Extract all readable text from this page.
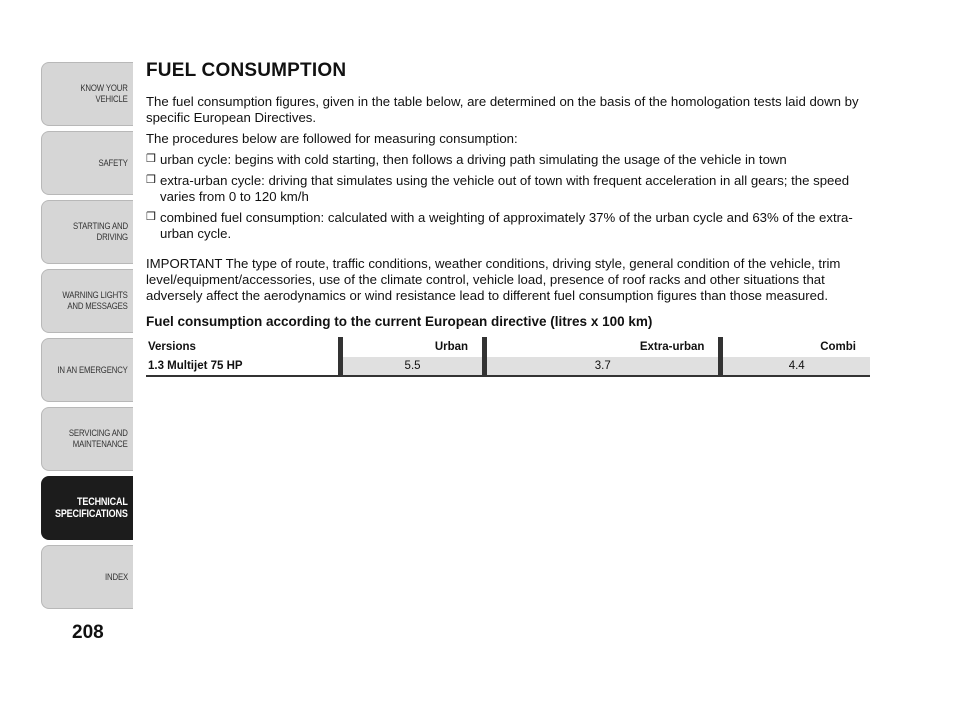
KNOW YOUR
VEHICLE
SAFETY
STARTING AND
DRIVING
WARNING LIGHTS
AND MESSAGES
IN AN EMERGENCY
SERVICING AND
MAINTENANCE
TECHNICAL
SPECIFICATIONS
INDEX
208
FUEL CONSUMPTION

The fuel consumption figures, given in the table below, are determined on the basis of the homologation tests laid down by specific European Directives.

The procedures below are followed for measuring consumption:

❒ urban cycle: begins with cold starting, then follows a driving path simulating the usage of the vehicle in town
❒ extra-urban cycle: driving that simulates using the vehicle out of town with frequent acceleration in all gears; the speed varies from 0 to 120 km/h
❒ combined fuel consumption: calculated with a weighting of approximately 37% of the urban cycle and 63% of the extra-urban cycle.

IMPORTANT The type of route, traffic conditions, weather conditions, driving style, general condition of the vehicle, trim level/equipment/accessories, use of the climate control, vehicle load, presence of roof racks and other situations that adversely affect the aerodynamics or wind resistance lead to different fuel consumption figures than those measured.

Fuel consumption according to the current European directive (litres x 100 km)
Versions		Urban		Extra-urban		Combi
1.3 Multijet 75 HP		5.5		3.7		4.4
